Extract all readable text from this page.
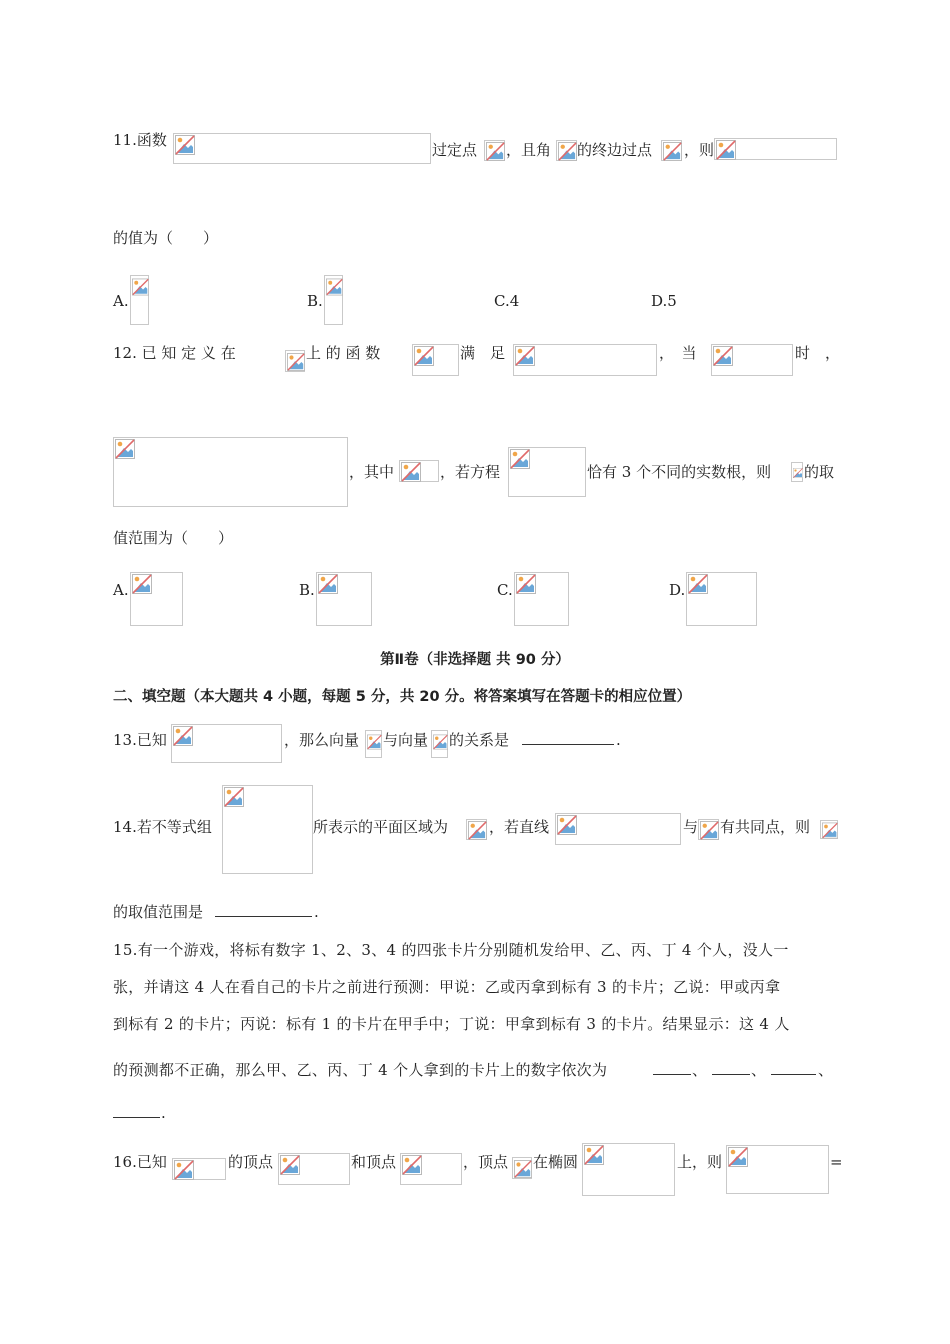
11.函数
过定点 ，且角 的终边过点 ，则
的值为（　　）
A.	B.	C.4	D.5
12. 已 知 定 义 在	上 的 函 数	满　足	，　当	时　，
，其中	，若方程	恰有 3 个不同的实数根，则 的取
值范围为（　　）
A.	B.	C.	D.
第Ⅱ卷（非选择题 共 90 分）
二、填空题（本大题共 4 小题，每题 5 分，共 20 分。将答案填写在答题卡的相应位置）
13.已知	，那么向量 与向量 的关系是	.
14.若不等式组	所表示的平面区域为	，若直线	与 有共同点，则
的取值范围是	.
15.有一个游戏，将标有数字 1、2、3、4 的四张卡片分别随机发给甲、乙、丙、丁 4 个人，没人一
张，并请这 4 人在看自己的卡片之前进行预测：甲说：乙或丙拿到标有 3 的卡片；乙说：甲或丙拿
到标有 2 的卡片；丙说：标有 1 的卡片在甲手中；丁说：甲拿到标有 3 的卡片。结果显示：这 4 人
的预测都不正确，那么甲、乙、丙、丁 4 个人拿到的卡片上的数字依次为	、	、	、
.
16.已知	的顶点	和顶点	，顶点 在椭圆	上，则	=
